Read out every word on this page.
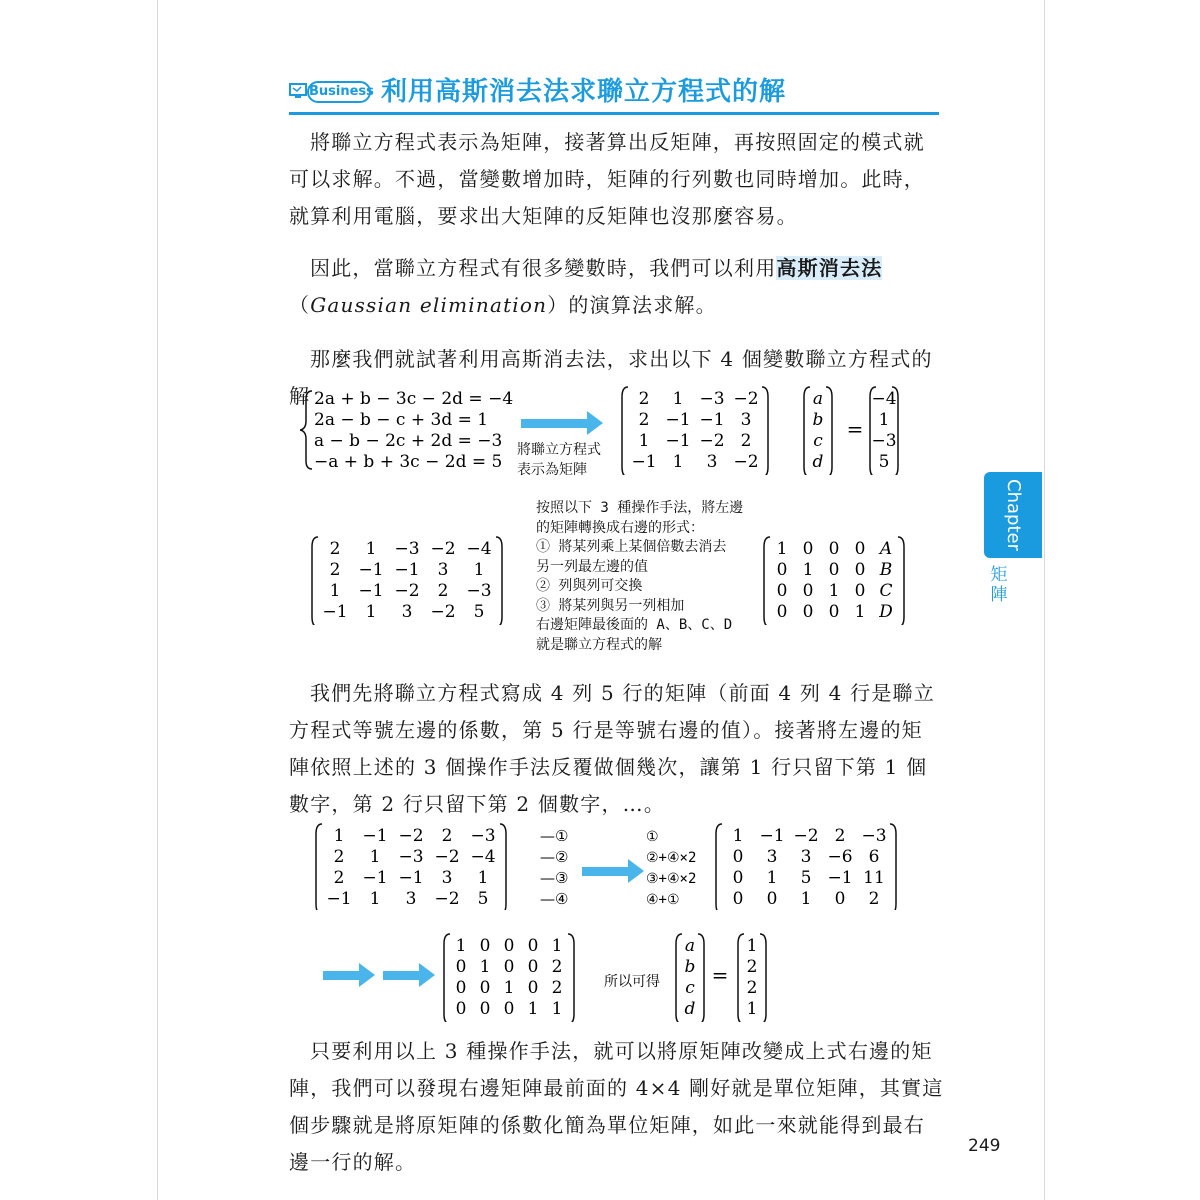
Business 利用高斯消去法求聯立方程式的解

將聯立方程式表示為矩陣，接著算出反矩陣，再按照固定的模式就可以求解。不過，當變數增加時，矩陣的行列數也同時增加。此時，就算利用電腦，要求出大矩陣的反矩陣也沒那麼容易。

因此，當聯立方程式有很多變數時，我們可以利用高斯消去法（Gaussian elimination）的演算法求解。

那麼我們就試著利用高斯消去法，求出以下 4 個變數聯立方程式的解 2a + b − 3c − 2d = −4
2a − b − c + 3d = 1
a − b − 2c + 2d = −3
−a + b + 3c − 2d = 5
2 1 −3 −2
2 −1 −1 3
1 −1 −2 2
−1 1 3 −2
a
b
c
d
=
−4
1
−3
5
將聯立方程式
表示為矩陣
2 1 −3 −2 −4
2 −1 −1 3 1
1 −1 −2 2 −3
−1 1 3 −2 5
按照以下 3 種操作手法，將左邊
的矩陣轉換成右邊的形式：
① 將某列乘上某個倍數去消去
另一列最左邊的值
② 列與列可交換
③ 將某列與另一列相加
右邊矩陣最後面的 A、B、C、D
就是聯立方程式的解
1 0 0 0 A
0 1 0 0 B
0 0 1 0 C
0 0 0 1 D

我們先將聯立方程式寫成 4 列 5 行的矩陣（前面 4 列 4 行是聯立方程式等號左邊的係數，第 5 行是等號右邊的值）。接著將左邊的矩陣依照上述的 3 個操作手法反覆做個幾次，讓第 1 行只留下第 1 個數字，第 2 行只留下第 2 個數字，…。

1 −1 −2 2 −3
2 1 −3 −2 −4
2 −1 −1 3 1
−1 1 3 −2 5
—①
—②
—③
—④
①
②+④×2
③+④×2
④+①
1 −1 −2 2 −3
0 3 3 −6 6
0 1 5 −1 11
0 0 1 0 2
1 0 0 0 1
0 1 0 0 2
0 0 1 0 2
0 0 0 1 1
所以可得
a
b
c
d
=
1
2
2
1

只要利用以上 3 種操作手法，就可以將原矩陣改變成上式右邊的矩陣，我們可以發現右邊矩陣最前面的 4×4 剛好就是單位矩陣，其實這個步驟就是將原矩陣的係數化簡為單位矩陣，如此一來就能得到最右邊一行的解。

Chapter 12
矩陣
249
